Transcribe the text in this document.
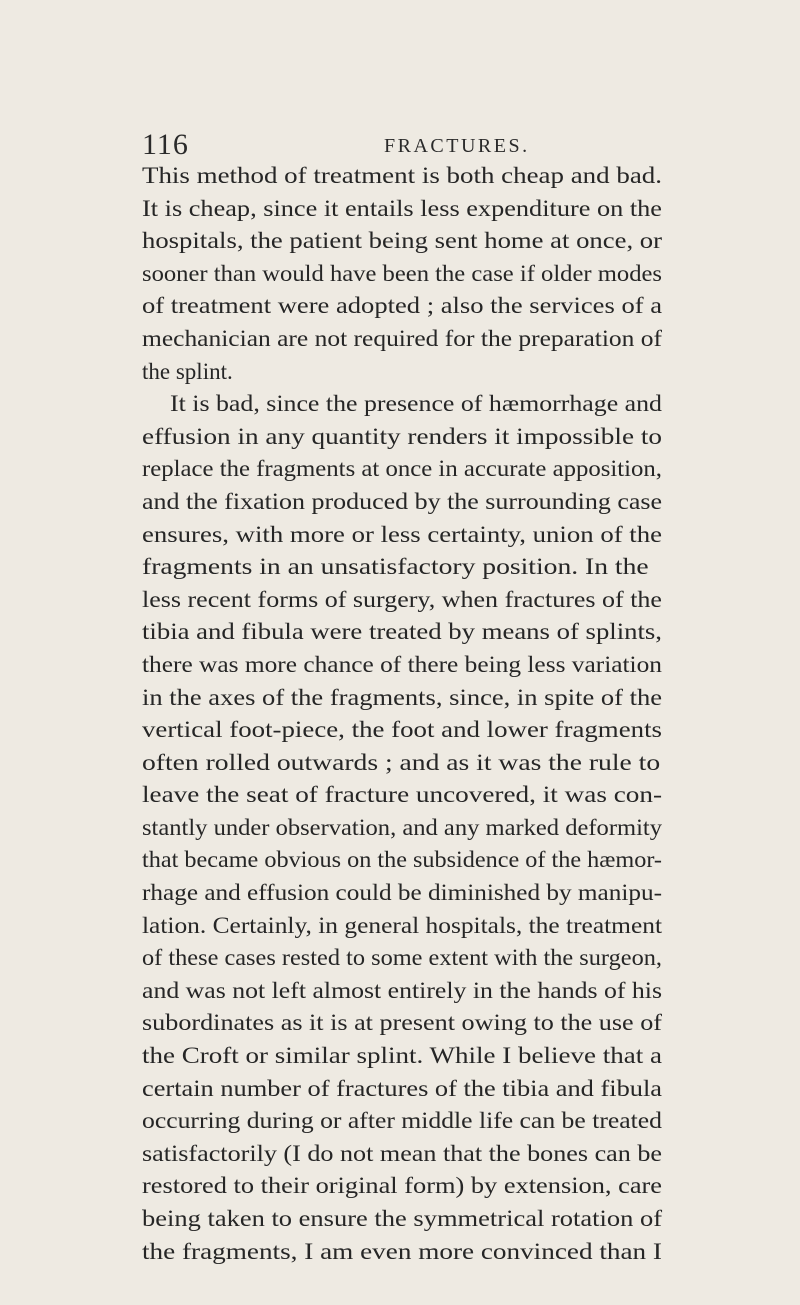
116	FRACTURES.
This method of treatment is both cheap and bad.
It is cheap, since it entails less expenditure on the
hospitals, the patient being sent home at once, or
sooner than would have been the case if older modes
of treatment were adopted ; also the services of a
mechanician are not required for the preparation of
the splint.
It is bad, since the presence of hæmorrhage and
effusion in any quantity renders it impossible to
replace the fragments at once in accurate apposition,
and the fixation produced by the surrounding case
ensures, with more or less certainty, union of the
fragments in an unsatisfactory position. In the
less recent forms of surgery, when fractures of the
tibia and fibula were treated by means of splints,
there was more chance of there being less variation
in the axes of the fragments, since, in spite of the
vertical foot-piece, the foot and lower fragments
often rolled outwards ; and as it was the rule to
leave the seat of fracture uncovered, it was con-
stantly under observation, and any marked deformity
that became obvious on the subsidence of the hæmor-
rhage and effusion could be diminished by manipu-
lation. Certainly, in general hospitals, the treatment
of these cases rested to some extent with the surgeon,
and was not left almost entirely in the hands of his
subordinates as it is at present owing to the use of
the Croft or similar splint. While I believe that a
certain number of fractures of the tibia and fibula
occurring during or after middle life can be treated
satisfactorily (I do not mean that the bones can be
restored to their original form) by extension, care
being taken to ensure the symmetrical rotation of
the fragments, I am even more convinced than I
